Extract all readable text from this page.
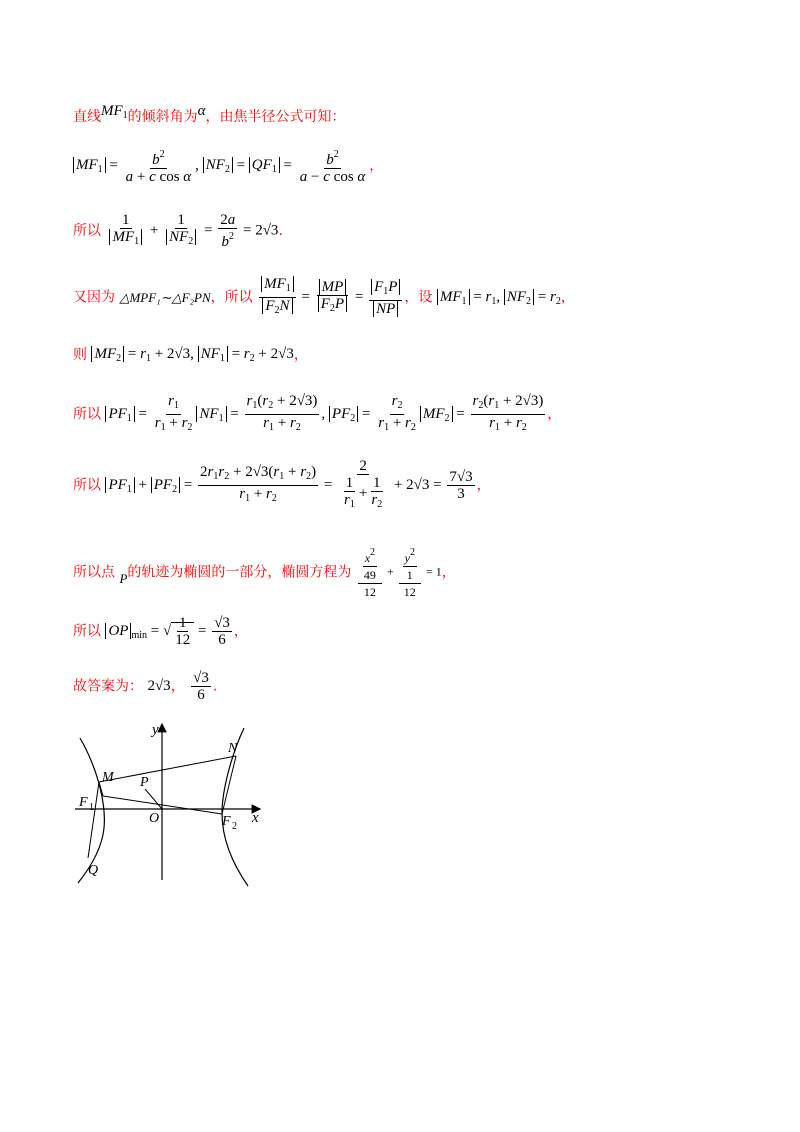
直线$MF_1$的倾斜角为α，由焦半径公式可知：
$MF_1 = \frac{b^2}{\text{a + c cos α}}$ , $NF_2 = QF_1 = \frac{b^2}{\text{a − c cos α}}$ ，
所以 $\frac{1}{MF_1} + \frac{1}{NF_2} = \frac{2a}{b^2} = 2√3$.
又因为 △MPF₁∼△F₂PN，所以 $\frac{MF_1}{F_2N} = \frac{MP}{F_2P} = \frac{F_1P}{NP}$ ，设 $MF_1 = r_1$, $NF_2 = r_2$，
则 $MF_2 = r_1 + 2√3$, $NF_1 = r_2 + 2√3$，
所以 $PF_1 = \frac{r_1}{r_1 + r_2} NF_1 = \frac{r_1(r_2 + 2√3)}{r_1 + r_2}$ , $PF_2 = \frac{r_2}{r_1 + r_2} MF_2 = \frac{r_2(r_1 + 2√3)}{r_1 + r_2}$ ，
所以 $PF_1 + PF_2 = \frac{2r_1r_2 + 2√3(r_1 + r_2)}{r_1 + r_2} = \frac{2}{\frac{1}{r_1} + \frac{1}{r_2}} + 2√3 = \frac{7√3}{3}$ ，
所以点 P的轨迹为椭圆的一部分，椭圆方程为 $\frac{\frac{x^2}{49}}{12} + \frac{\frac{y^2}{1}}{12} = 1$，
所以 OP $_{min}$ = √ $\frac{1}{12} = \frac{√3}{6}$ ，
故答案为： 2√3， $\frac{√3}{6}$ .
y
x
N
M P
F 1
O	F 2
Q
